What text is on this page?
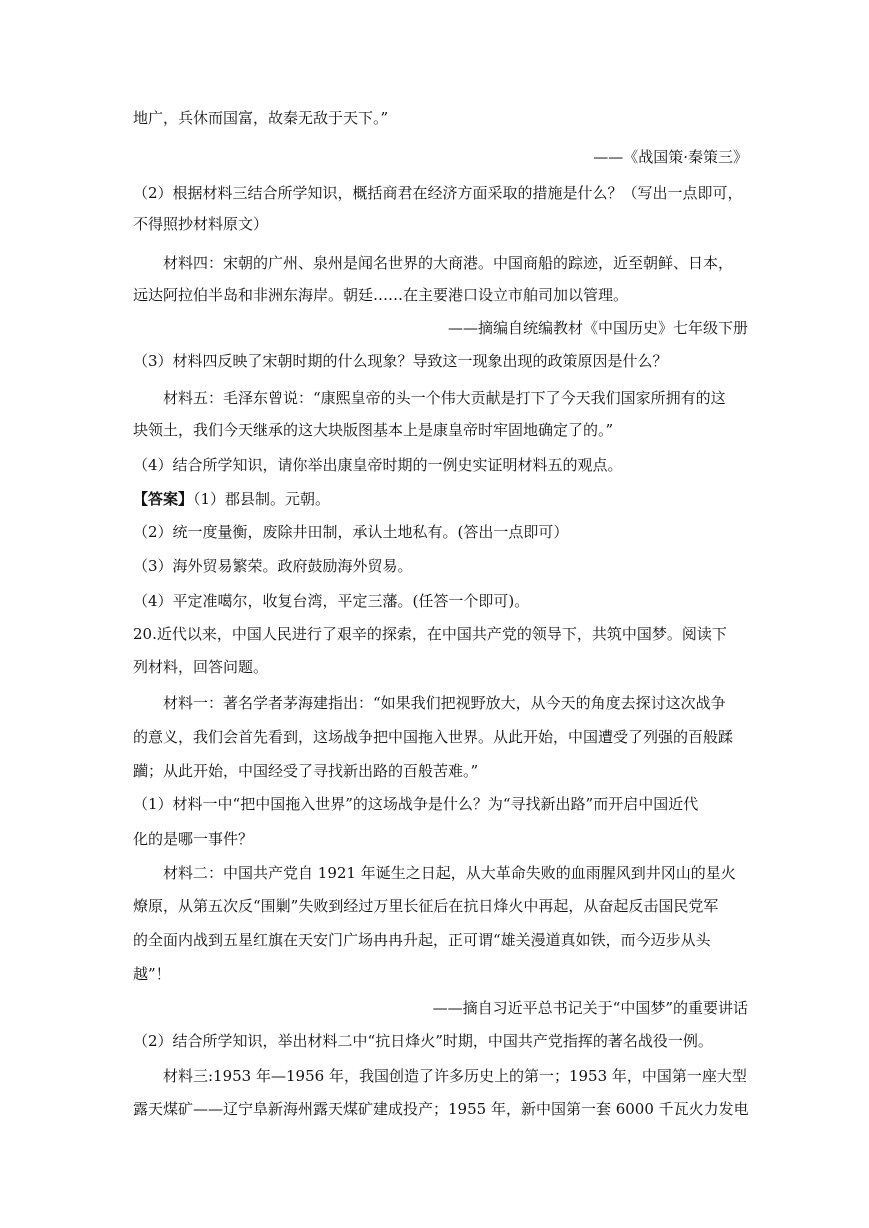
地广，兵休而国富，故秦无敌于天下。”
——《战国策·秦策三》
（2）根据材料三结合所学知识，概括商君在经济方面采取的措施是什么？（写出一点即可，
不得照抄材料原文）
材料四：宋朝的广州、泉州是闻名世界的大商港。中国商船的踪迹，近至朝鲜、日本，
远达阿拉伯半岛和非洲东海岸。朝廷……在主要港口设立市舶司加以管理。
——摘编自统编教材《中国历史》七年级下册
（3）材料四反映了宋朝时期的什么现象？导致这一现象出现的政策原因是什么？
材料五：毛泽东曾说：“康熙皇帝的头一个伟大贡献是打下了今天我们国家所拥有的这
块领土，我们今天继承的这大块版图基本上是康皇帝时牢固地确定了的。”
（4）结合所学知识，请你举出康皇帝时期的一例史实证明材料五的观点。
【答案】（1）郡县制。元朝。
（2）统一度量衡，废除井田制，承认土地私有。(答出一点即可）
（3）海外贸易繁荣。政府鼓励海外贸易。
（4）平定准噶尔，收复台湾，平定三藩。(任答一个即可)。
20.近代以来，中国人民进行了艰辛的探索，在中国共产党的领导下，共筑中国梦。阅读下
列材料，回答问题。
材料一：著名学者茅海建指出：“如果我们把视野放大，从今天的角度去探讨这次战争
的意义，我们会首先看到，这场战争把中国拖入世界。从此开始，中国遭受了列强的百般蹂
躏；从此开始，中国经受了寻找新出路的百般苦难。”
（1）材料一中“把中国拖入世界”的这场战争是什么？为“寻找新出路”而开启中国近代
化的是哪一事件？
材料二：中国共产党自 1921 年诞生之日起，从大革命失败的血雨腥风到井冈山的星火
燎原，从第五次反“围剿”失败到经过万里长征后在抗日烽火中再起，从奋起反击国民党军
的全面内战到五星红旗在天安门广场冉冉升起，正可谓“雄关漫道真如铁，而今迈步从头
越”！
——摘自习近平总书记关于“中国梦”的重要讲话
（2）结合所学知识，举出材料二中“抗日烽火”时期，中国共产党指挥的著名战役一例。
材料三:1953 年—1956 年，我国创造了许多历史上的第一；1953 年，中国第一座大型
露天煤矿——辽宁阜新海州露天煤矿建成投产；1955 年，新中国第一套 6000 千瓦火力发电
